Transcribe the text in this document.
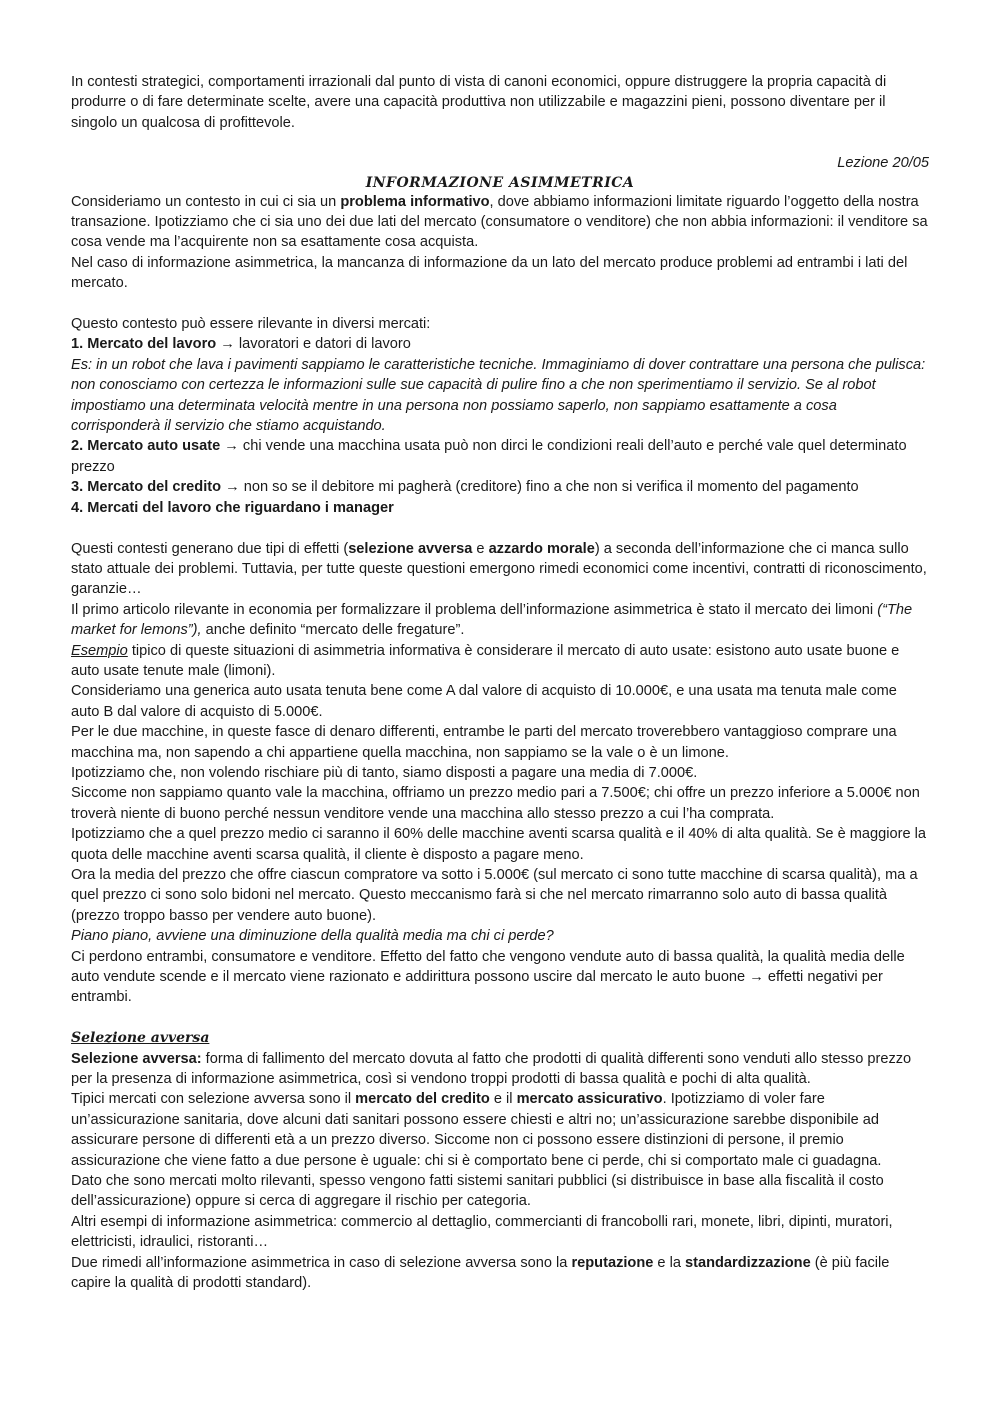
In contesti strategici, comportamenti irrazionali dal punto di vista di canoni economici, oppure distruggere la propria capacità di produrre o di fare determinate scelte, avere una capacità produttiva non utilizzabile e magazzini pieni, possono diventare per il singolo un qualcosa di profittevole.

Lezione 20/05

INFORMAZIONE ASIMMETRICA

Consideriamo un contesto in cui ci sia un problema informativo, dove abbiamo informazioni limitate riguardo l’oggetto della nostra transazione. Ipotizziamo che ci sia uno dei due lati del mercato (consumatore o venditore) che non abbia informazioni: il venditore sa cosa vende ma l’acquirente non sa esattamente cosa acquista.

Nel caso di informazione asimmetrica, la mancanza di informazione da un lato del mercato produce problemi ad entrambi i lati del mercato.

Questo contesto può essere rilevante in diversi mercati:

1. Mercato del lavoro → lavoratori e datori di lavoro

Es: in un robot che lava i pavimenti sappiamo le caratteristiche tecniche. Immaginiamo di dover contrattare una persona che pulisca: non conosciamo con certezza le informazioni sulle sue capacità di pulire fino a che non sperimentiamo il servizio. Se al robot impostiamo una determinata velocità mentre in una persona non possiamo saperlo, non sappiamo esattamente a cosa corrisponderà il servizio che stiamo acquistando.

2. Mercato auto usate → chi vende una macchina usata può non dirci le condizioni reali dell’auto e perché vale quel determinato prezzo

3. Mercato del credito → non so se il debitore mi pagherà (creditore) fino a che non si verifica il momento del pagamento

4. Mercati del lavoro che riguardano i manager

Questi contesti generano due tipi di effetti (selezione avversa e azzardo morale) a seconda dell’informazione che ci manca sullo stato attuale dei problemi. Tuttavia, per tutte queste questioni emergono rimedi economici come incentivi, contratti di riconoscimento, garanzie…

Il primo articolo rilevante in economia per formalizzare il problema dell’informazione asimmetrica è stato il mercato dei limoni (“The market for lemons”), anche definito “mercato delle fregature”.

Esempio tipico di queste situazioni di asimmetria informativa è considerare il mercato di auto usate: esistono auto usate buone e auto usate tenute male (limoni).

Consideriamo una generica auto usata tenuta bene come A dal valore di acquisto di 10.000€, e una usata ma tenuta male come auto B dal valore di acquisto di 5.000€.

Per le due macchine, in queste fasce di denaro differenti, entrambe le parti del mercato troverebbero vantaggioso comprare una macchina ma, non sapendo a chi appartiene quella macchina, non sappiamo se la vale o è un limone.

Ipotizziamo che, non volendo rischiare più di tanto, siamo disposti a pagare una media di 7.000€.

Siccome non sappiamo quanto vale la macchina, offriamo un prezzo medio pari a 7.500€; chi offre un prezzo inferiore a 5.000€ non troverà niente di buono perché nessun venditore vende una macchina allo stesso prezzo a cui l’ha comprata.

Ipotizziamo che a quel prezzo medio ci saranno il 60% delle macchine aventi scarsa qualità e il 40% di alta qualità. Se è maggiore la quota delle macchine aventi scarsa qualità, il cliente è disposto a pagare meno.

Ora la media del prezzo che offre ciascun compratore va sotto i 5.000€ (sul mercato ci sono tutte macchine di scarsa qualità), ma a quel prezzo ci sono solo bidoni nel mercato. Questo meccanismo farà si che nel mercato rimarranno solo auto di bassa qualità (prezzo troppo basso per vendere auto buone).

Piano piano, avviene una diminuzione della qualità media ma chi ci perde?

Ci perdono entrambi, consumatore e venditore. Effetto del fatto che vengono vendute auto di bassa qualità, la qualità media delle auto vendute scende e il mercato viene razionato e addirittura possono uscire dal mercato le auto buone → effetti negativi per entrambi.

Selezione avversa

Selezione avversa: forma di fallimento del mercato dovuta al fatto che prodotti di qualità differenti sono venduti allo stesso prezzo per la presenza di informazione asimmetrica, così si vendono troppi prodotti di bassa qualità e pochi di alta qualità.

Tipici mercati con selezione avversa sono il mercato del credito e il mercato assicurativo. Ipotizziamo di voler fare un’assicurazione sanitaria, dove alcuni dati sanitari possono essere chiesti e altri no; un’assicurazione sarebbe disponibile ad assicurare persone di differenti età a un prezzo diverso. Siccome non ci possono essere distinzioni di persone, il premio assicurazione che viene fatto a due persone è uguale: chi si è comportato bene ci perde, chi si comportato male ci guadagna.

Dato che sono mercati molto rilevanti, spesso vengono fatti sistemi sanitari pubblici (si distribuisce in base alla fiscalità il costo dell’assicurazione) oppure si cerca di aggregare il rischio per categoria.

Altri esempi di informazione asimmetrica: commercio al dettaglio, commercianti di francobolli rari, monete, libri, dipinti, muratori, elettricisti, idraulici, ristoranti…

Due rimedi all’informazione asimmetrica in caso di selezione avversa sono la reputazione e la standardizzazione (è più facile capire la qualità di prodotti standard).
